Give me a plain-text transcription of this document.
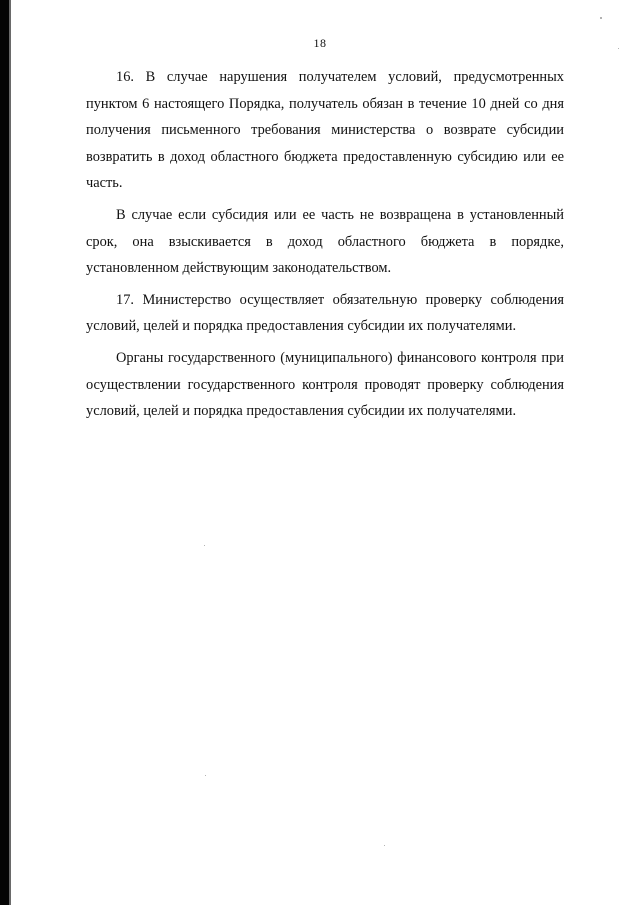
18

16. В случае нарушения получателем условий, предусмотренных пунктом 6 настоящего Порядка, получатель обязан в течение 10 дней со дня получения письменного требования министерства о возврате субсидии возвратить в доход областного бюджета предоставленную субсидию или ее часть.

В случае если субсидия или ее часть не возвращена в установленный срок, она взыскивается в доход областного бюджета в порядке, установленном действующим законодательством.

17. Министерство осуществляет обязательную проверку соблюдения условий, целей и порядка предоставления субсидии их получателями.

Органы государственного (муниципального) финансового контроля при осуществлении государственного контроля проводят проверку соблюдения условий, целей и порядка предоставления субсидии их получателями.
